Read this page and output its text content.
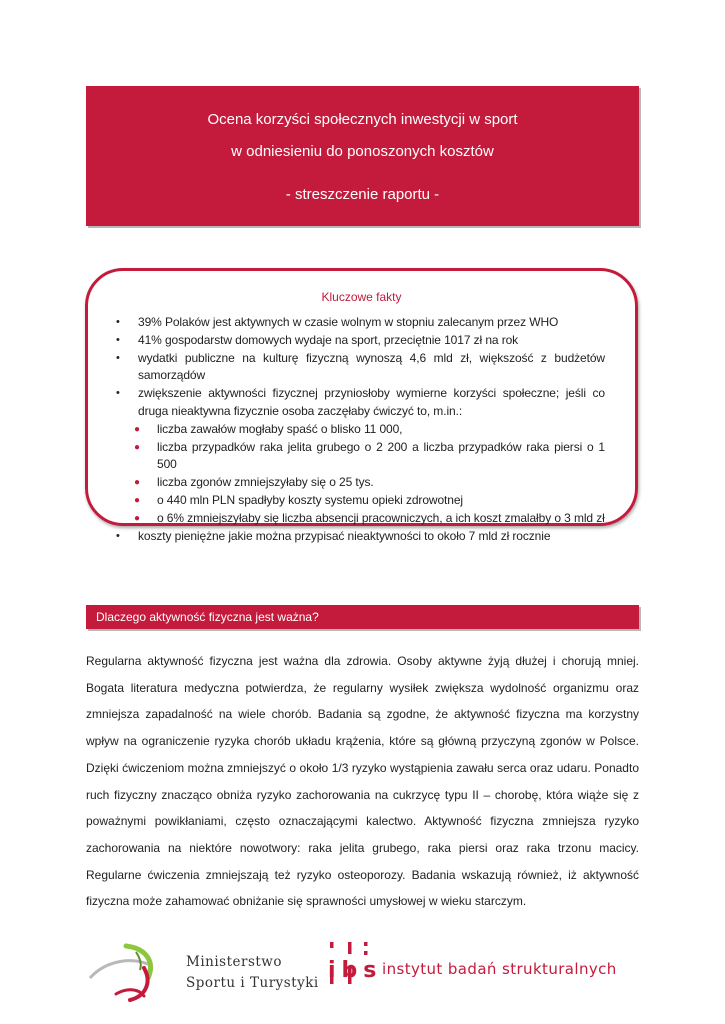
Ocena korzyści społecznych inwestycji w sport
w odniesieniu do ponoszonych kosztów
- streszczenie raportu -
Kluczowe fakty
• 39% Polaków jest aktywnych w czasie wolnym w stopniu zalecanym przez WHO
• 41% gospodarstw domowych wydaje na sport, przeciętnie 1017 zł na rok
• wydatki publiczne na kulturę fizyczną wynoszą 4,6 mld zł, większość z budżetów samorządów
• zwiększenie aktywności fizycznej przyniosłoby wymierne korzyści społeczne; jeśli co druga nieaktywna fizycznie osoba zaczęłaby ćwiczyć to, m.in.:
● liczba zawałów mogłaby spaść o blisko 11 000,
● liczba przypadków raka jelita grubego o 2 200 a liczba przypadków raka piersi o 1 500
● liczba zgonów zmniejszyłaby się o 25 tys.
● o 440 mln PLN spadłyby koszty systemu opieki zdrowotnej
● o 6% zmniejszyłaby się liczba absencji pracowniczych, a ich koszt zmalałby o 3 mld zł
• koszty pieniężne jakie można przypisać nieaktywności to około 7 mld zł rocznie
Dlaczego aktywność fizyczna jest ważna?
Regularna aktywność fizyczna jest ważna dla zdrowia. Osoby aktywne żyją dłużej i chorują mniej. Bogata literatura medyczna potwierdza, że regularny wysiłek zwiększa wydolność organizmu oraz zmniejsza zapadalność na wiele chorób. Badania są zgodne, że aktywność fizyczna ma korzystny wpływ na ograniczenie ryzyka chorób układu krążenia, które są główną przyczyną zgonów w Polsce. Dzięki ćwiczeniom można zmniejszyć o około 1/3 ryzyko wystąpienia zawału serca oraz udaru. Ponadto ruch fizyczny znacząco obniża ryzyko zachorowania na cukrzycę typu II – chorobę, która wiąże się z poważnymi powikłaniami, często oznaczającymi kalectwo. Aktywność fizyczna zmniejsza ryzyko zachorowania na niektóre nowotwory: raka jelita grubego, raka piersi oraz raka trzonu macicy. Regularne ćwiczenia zmniejszają też ryzyko osteoporozy. Badania wskazują również, iż aktywność fizyczna może zahamować obniżanie się sprawności umysłowej w wieku starczym.
Ministerstwo
Sportu i Turystyki
instytut badań strukturalnych
ibs
